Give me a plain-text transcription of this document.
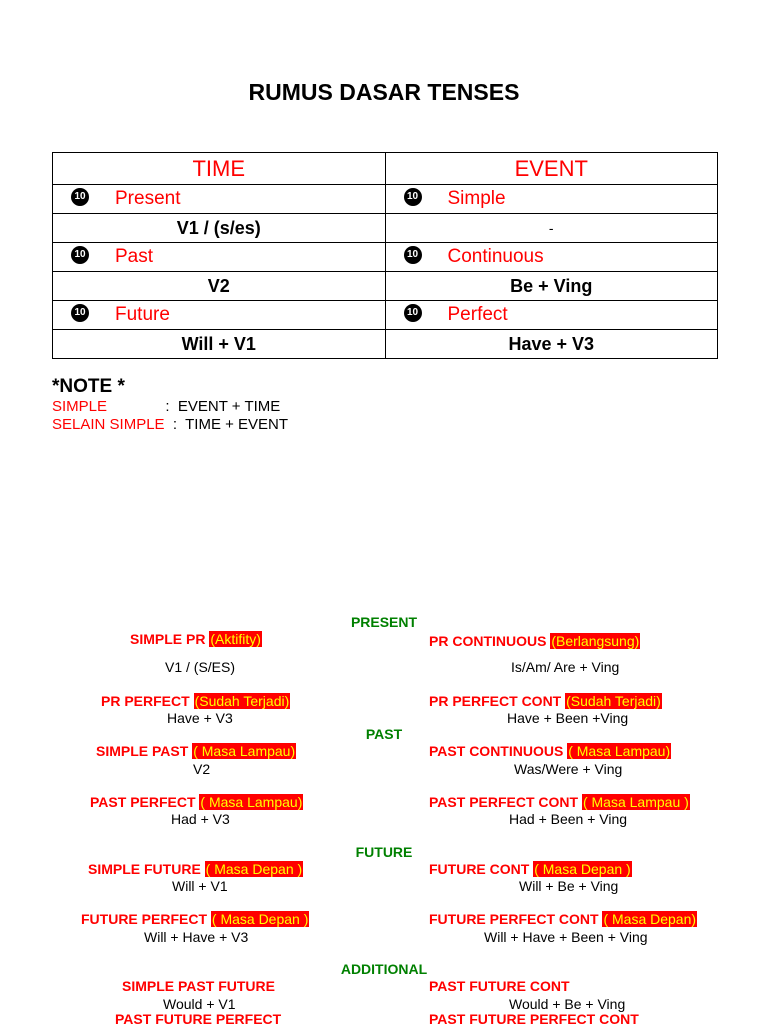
RUMUS DASAR TENSES
TIME	EVENT
10 Present	10 Simple
V1 / (s/es)	-
10 Past	10 Continuous
V2	Be + Ving
10 Future	10 Perfect
Will + V1	Have + V3
*NOTE *
SIMPLE              :  EVENT + TIME
SELAIN SIMPLE  :  TIME + EVENT
PRESENT
PAST
FUTURE
ADDITIONAL
SIMPLE PR (Aktifity)
V1 / (S/ES)
PR CONTINUOUS (Berlangsung)
Is/Am/ Are + Ving
PR PERFECT (Sudah Terjadi)
Have + V3
PR PERFECT CONT (Sudah Terjadi)
Have + Been +Ving
SIMPLE PAST ( Masa Lampau)
V2
PAST CONTINUOUS ( Masa Lampau)
Was/Were + Ving
PAST PERFECT ( Masa Lampau)
Had + V3
PAST PERFECT CONT ( Masa Lampau )
Had + Been + Ving
SIMPLE FUTURE ( Masa Depan )
Will + V1
FUTURE CONT ( Masa Depan )
Will + Be + Ving
FUTURE PERFECT ( Masa Depan )
Will + Have + V3
FUTURE PERFECT CONT ( Masa Depan)
Will + Have + Been + Ving
SIMPLE PAST FUTURE
Would + V1
PAST FUTURE CONT
Would + Be + Ving
PAST FUTURE PERFECT	PAST FUTURE PERFECT CONT
